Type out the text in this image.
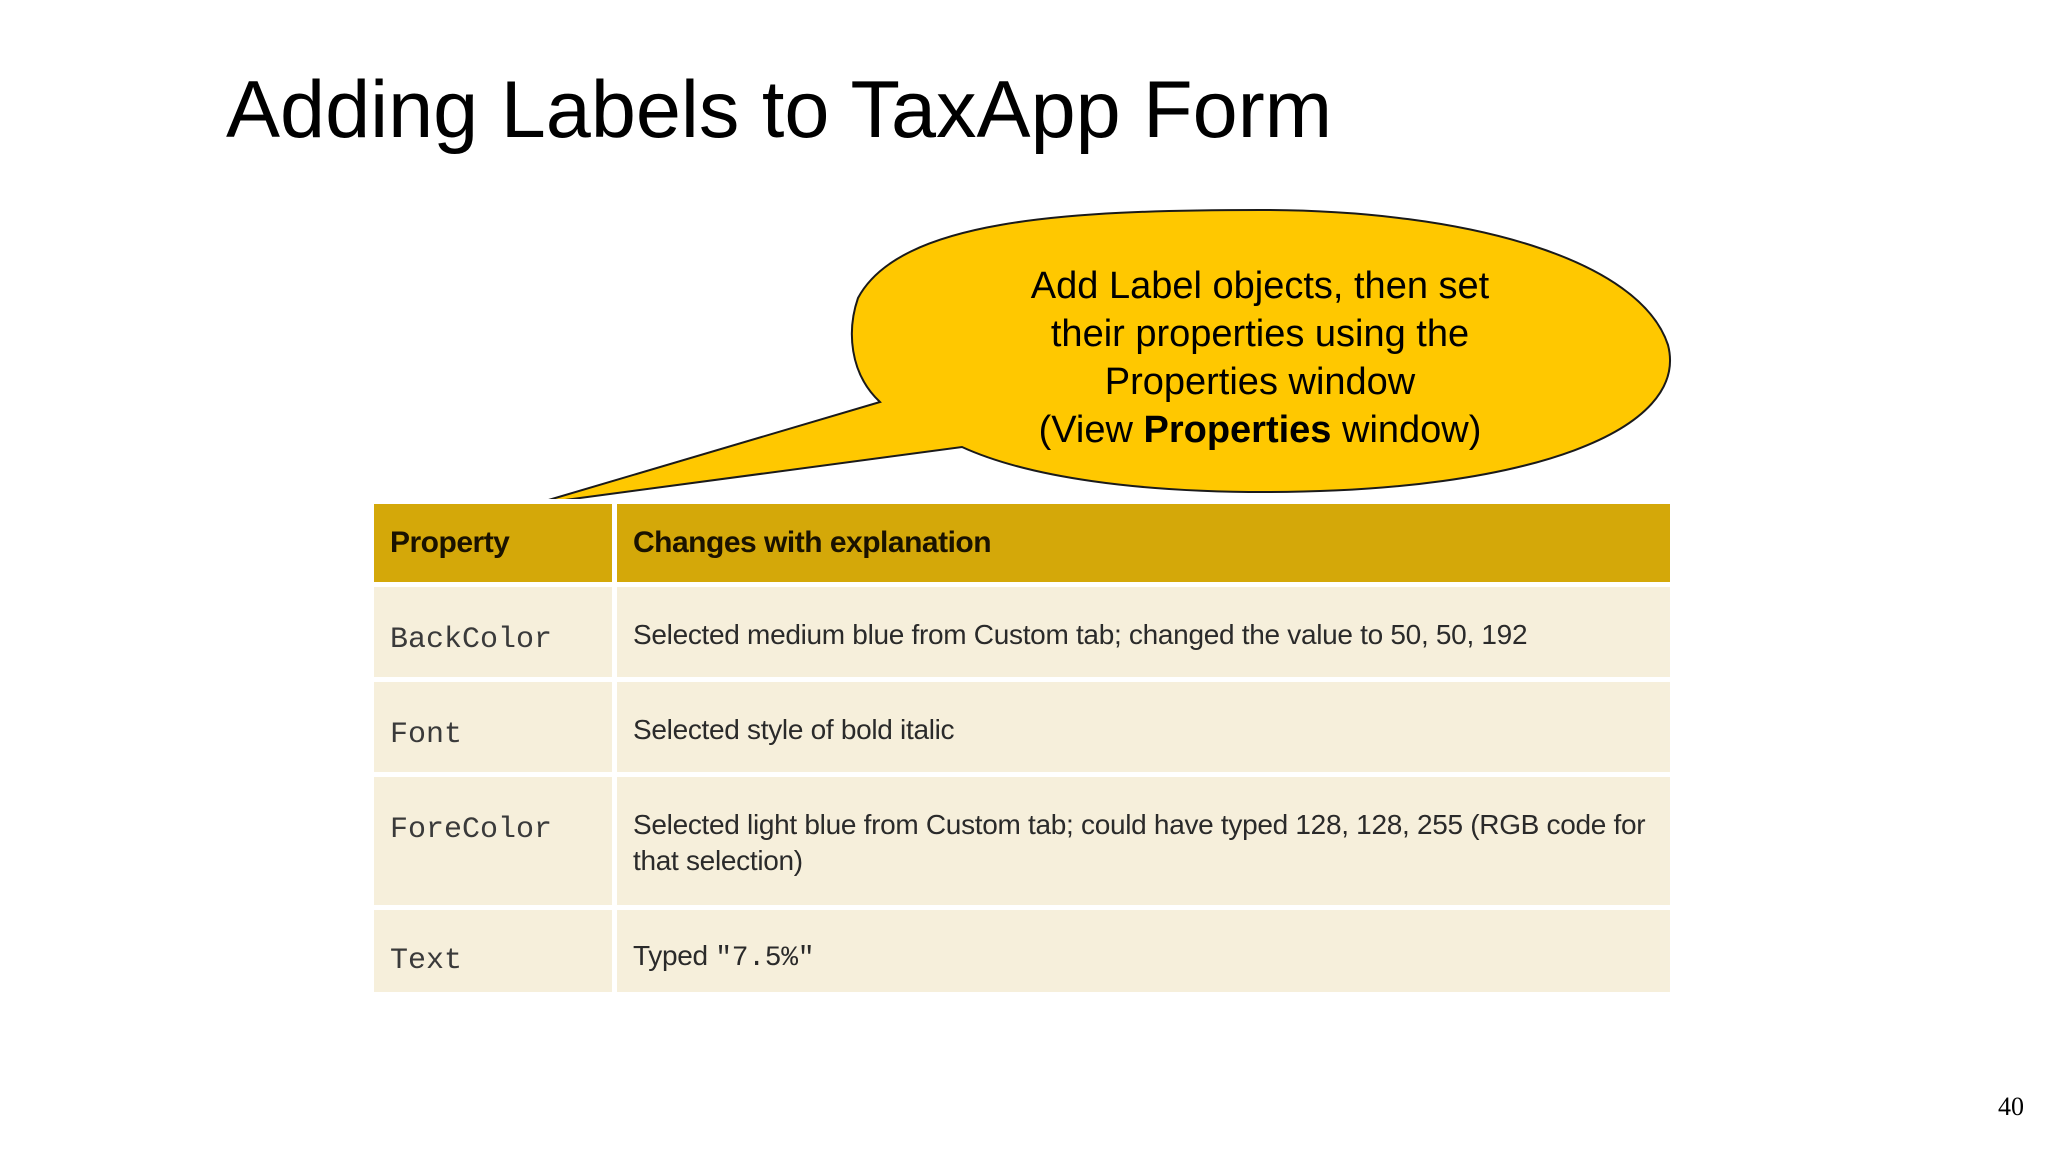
Adding Labels to TaxApp Form
Add Label objects, then set
their properties using the
Properties window
(View Properties window)
Property	Changes with explanation
BackColor	Selected medium blue from Custom tab; changed the value to 50, 50, 192
Font	Selected style of bold italic
ForeColor	Selected light blue from Custom tab; could have typed 128, 128, 255 (RGB code for that selection)
Text	Typed "7.5%"
40
